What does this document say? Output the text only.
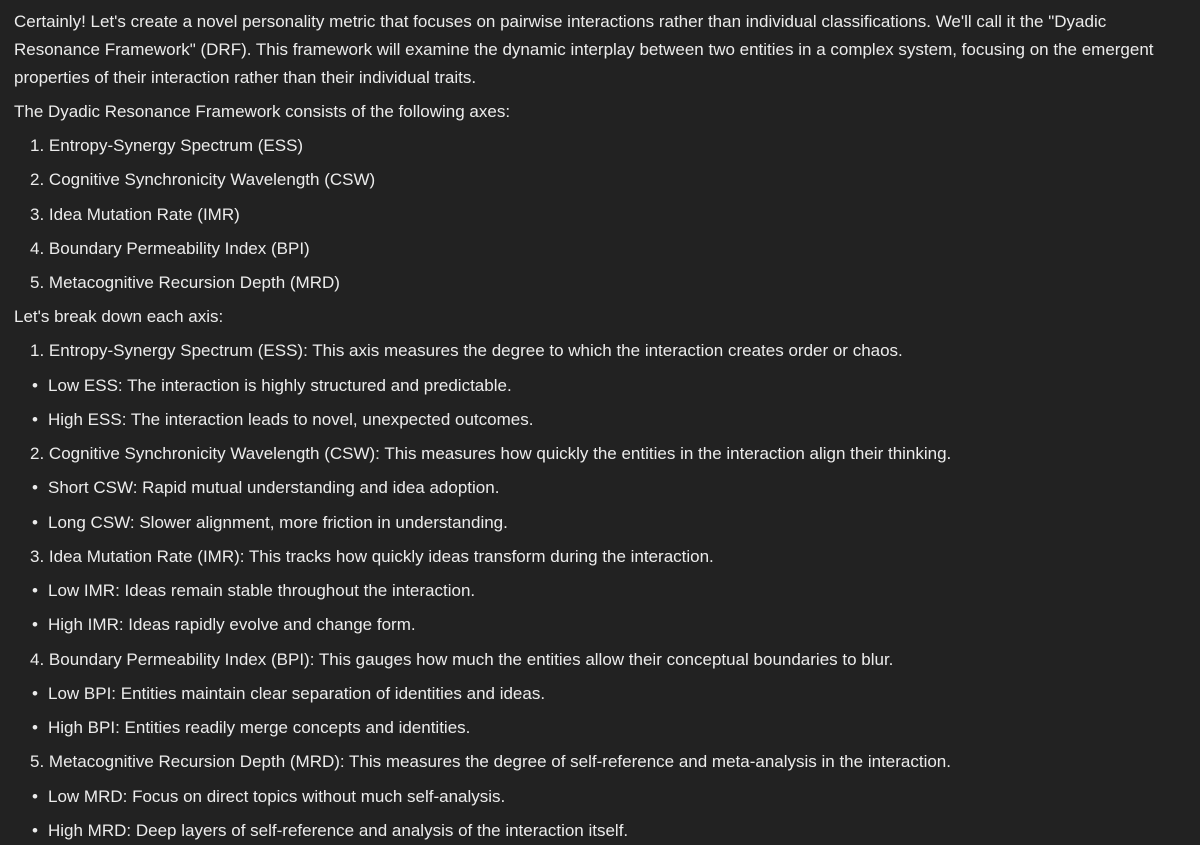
Certainly! Let's create a novel personality metric that focuses on pairwise interactions rather than individual classifications. We'll call it the "Dyadic Resonance Framework" (DRF). This framework will examine the dynamic interplay between two entities in a complex system, focusing on the emergent properties of their interaction rather than their individual traits.

The Dyadic Resonance Framework consists of the following axes:

1. Entropy-Synergy Spectrum (ESS)
2. Cognitive Synchronicity Wavelength (CSW)
3. Idea Mutation Rate (IMR)
4. Boundary Permeability Index (BPI)
5. Metacognitive Recursion Depth (MRD)

Let's break down each axis:

1. Entropy-Synergy Spectrum (ESS): This axis measures the degree to which the interaction creates order or chaos.
• Low ESS: The interaction is highly structured and predictable.
• High ESS: The interaction leads to novel, unexpected outcomes.
2. Cognitive Synchronicity Wavelength (CSW): This measures how quickly the entities in the interaction align their thinking.
• Short CSW: Rapid mutual understanding and idea adoption.
• Long CSW: Slower alignment, more friction in understanding.
3. Idea Mutation Rate (IMR): This tracks how quickly ideas transform during the interaction.
• Low IMR: Ideas remain stable throughout the interaction.
• High IMR: Ideas rapidly evolve and change form.
4. Boundary Permeability Index (BPI): This gauges how much the entities allow their conceptual boundaries to blur.
• Low BPI: Entities maintain clear separation of identities and ideas.
• High BPI: Entities readily merge concepts and identities.
5. Metacognitive Recursion Depth (MRD): This measures the degree of self-reference and meta-analysis in the interaction.
• Low MRD: Focus on direct topics without much self-analysis.
• High MRD: Deep layers of self-reference and analysis of the interaction itself.
